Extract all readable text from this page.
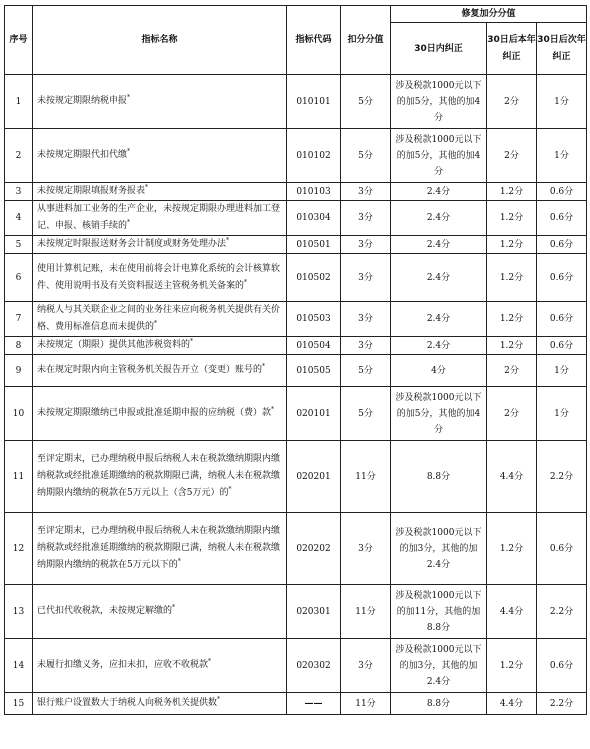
序号	指标名称	指标代码	扣分分值	修复加分分值		
				30日内纠正	30日后本年纠正	30日后次年纠正
1	未按规定期限纳税申报*	010101	5分	涉及税款1000元以下的加5分，其他的加4分	2分	1分
2	未按规定期限代扣代缴*	010102	5分	涉及税款1000元以下的加5分，其他的加4分	2分	1分
3	未按规定期限填报财务报表*	010103	3分	2.4分	1.2分	0.6分
4	从事进料加工业务的生产企业，未按规定期限办理进料加工登记、申报、核销手续的*	010304	3分	2.4分	1.2分	0.6分
5	未按规定时限报送财务会计制度或财务处理办法*	010501	3分	2.4分	1.2分	0.6分
6	使用计算机记账，未在使用前将会计电算化系统的会计核算软件、使用说明书及有关资料报送主管税务机关备案的*	010502	3分	2.4分	1.2分	0.6分
7	纳税人与其关联企业之间的业务往来应向税务机关提供有关价格、费用标准信息而未提供的*	010503	3分	2.4分	1.2分	0.6分
8	未按规定（期限）提供其他涉税资料的*	010504	3分	2.4分	1.2分	0.6分
9	未在规定时限内向主管税务机关报告开立（变更）账号的*	010505	5分	4分	2分	1分
10	未按规定期限缴纳已申报或批准延期申报的应纳税（费）款*	020101	5分	涉及税款1000元以下的加5分，其他的加4分	2分	1分
11	至评定期末，已办理纳税申报后纳税人未在税款缴纳期限内缴纳税款或经批准延期缴纳的税款期限已满，纳税人未在税款缴纳期限内缴纳的税款在5万元以上（含5万元）的*	020201	11分	8.8分	4.4分	2.2分
12	至评定期末，已办理纳税申报后纳税人未在税款缴纳期限内缴纳税款或经批准延期缴纳的税款期限已满，纳税人未在税款缴纳期限内缴纳的税款在5万元以下的*	020202	3分	涉及税款1000元以下的加3分，其他的加2.4分	1.2分	0.6分
13	已代扣代收税款，未按规定解缴的*	020301	11分	涉及税款1000元以下的加11分，其他的加8.8分	4.4分	2.2分
14	未履行扣缴义务，应扣未扣，应收不收税款*	020302	3分	涉及税款1000元以下的加3分，其他的加2.4分	1.2分	0.6分
15	银行账户设置数大于纳税人向税务机关提供数*	——	11分	8.8分	4.4分	2.2分
